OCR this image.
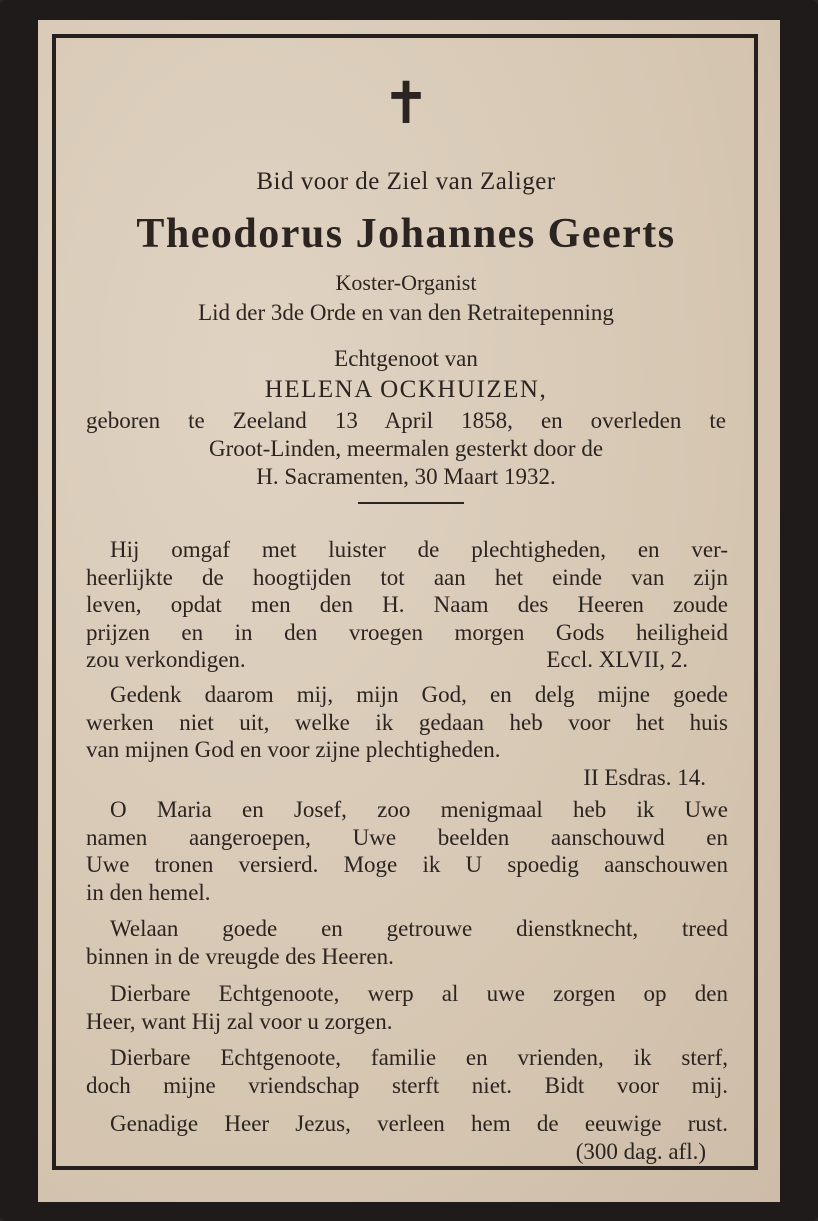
✝
Bid voor de Ziel van Zaliger
Theodorus Johannes Geerts
Koster-Organist
Lid der 3de Orde en van den Retraitepenning
Echtgenoot van
HELENA OCKHUIZEN,
geboren te Zeeland 13 April 1858, en overleden te
Groot-Linden, meermalen gesterkt door de
H. Sacramenten, 30 Maart 1932.
Hij omgaf met luister de plechtigheden, en ver-
heerlijkte de hoogtijden tot aan het einde van zijn
leven, opdat men den H. Naam des Heeren zoude
prijzen en in den vroegen morgen Gods heiligheid
zou verkondigen.	Eccl. XLVII, 2.
Gedenk daarom mij, mijn God, en delg mijne goede
werken niet uit, welke ik gedaan heb voor het huis
van mijnen God en voor zijne plechtigheden.
II Esdras. 14.
O Maria en Josef, zoo menigmaal heb ik Uwe
namen aangeroepen, Uwe beelden aanschouwd en
Uwe tronen versierd. Moge ik U spoedig aanschouwen
in den hemel.
Welaan goede en getrouwe dienstknecht, treed
binnen in de vreugde des Heeren.
Dierbare Echtgenoote, werp al uwe zorgen op den
Heer, want Hij zal voor u zorgen.
Dierbare Echtgenoote, familie en vrienden, ik sterf,
doch mijne vriendschap sterft niet. Bidt voor mij.
Genadige Heer Jezus, verleen hem de eeuwige rust.
(300 dag. afl.)
